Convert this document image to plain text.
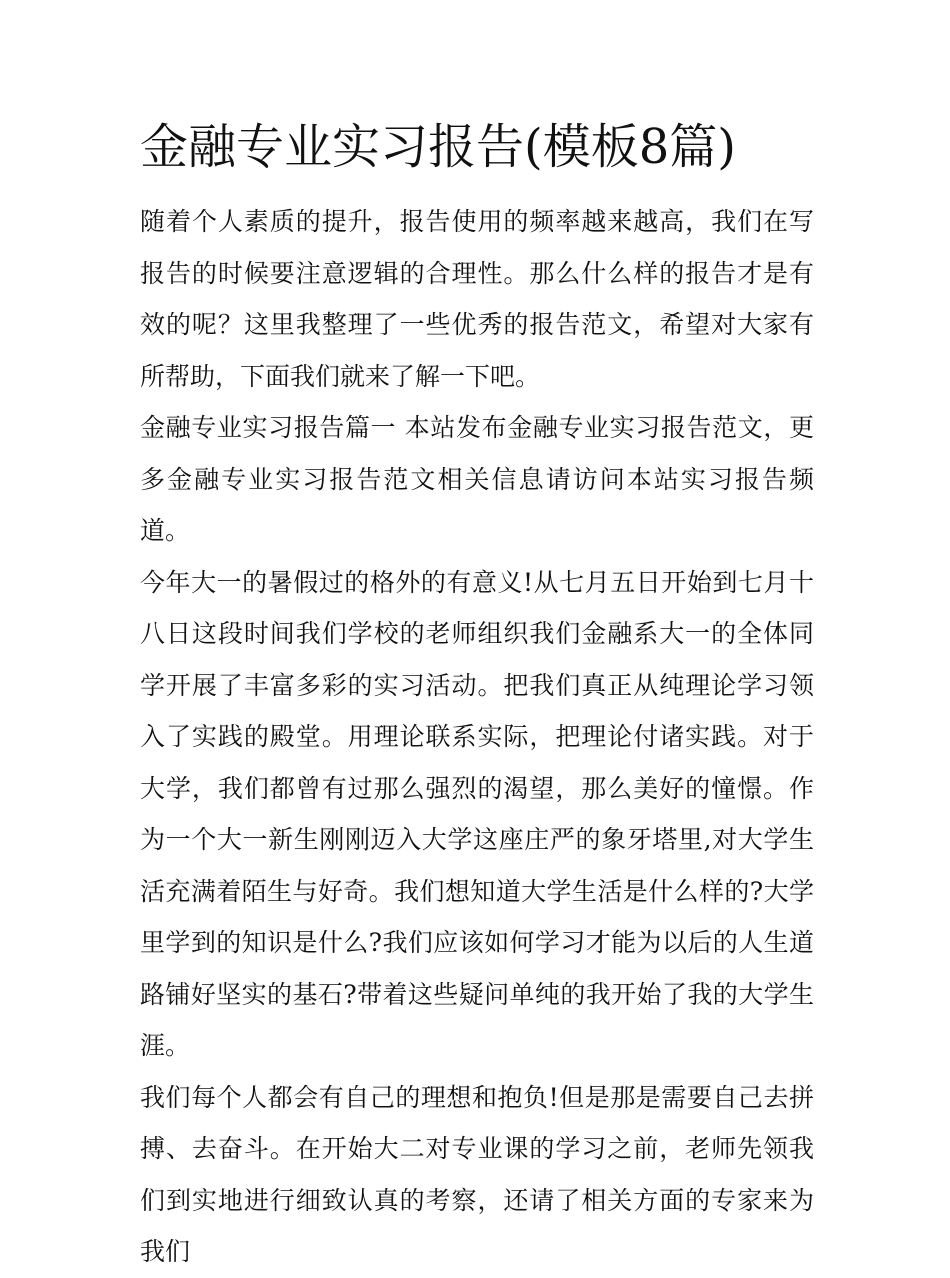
金融专业实习报告(模板8篇)

随着个人素质的提升，报告使用的频率越来越高，我们在写报告的时候要注意逻辑的合理性。那么什么样的报告才是有效的呢？这里我整理了一些优秀的报告范文，希望对大家有所帮助，下面我们就来了解一下吧。

金融专业实习报告篇一 本站发布金融专业实习报告范文，更多金融专业实习报告范文相关信息请访问本站实习报告频道。

今年大一的暑假过的格外的有意义!从七月五日开始到七月十八日这段时间我们学校的老师组织我们金融系大一的全体同学开展了丰富多彩的实习活动。把我们真正从纯理论学习领入了实践的殿堂。用理论联系实际，把理论付诸实践。对于大学，我们都曾有过那么强烈的渴望，那么美好的憧憬。作为一个大一新生刚刚迈入大学这座庄严的象牙塔里,对大学生活充满着陌生与好奇。我们想知道大学生活是什么样的?大学里学到的知识是什么?我们应该如何学习才能为以后的人生道路铺好坚实的基石?带着这些疑问单纯的我开始了我的大学生涯。

我们每个人都会有自己的理想和抱负!但是那是需要自己去拼搏、去奋斗。在开始大二对专业课的学习之前，老师先领我们到实地进行细致认真的考察，还请了相关方面的专家来为我们
